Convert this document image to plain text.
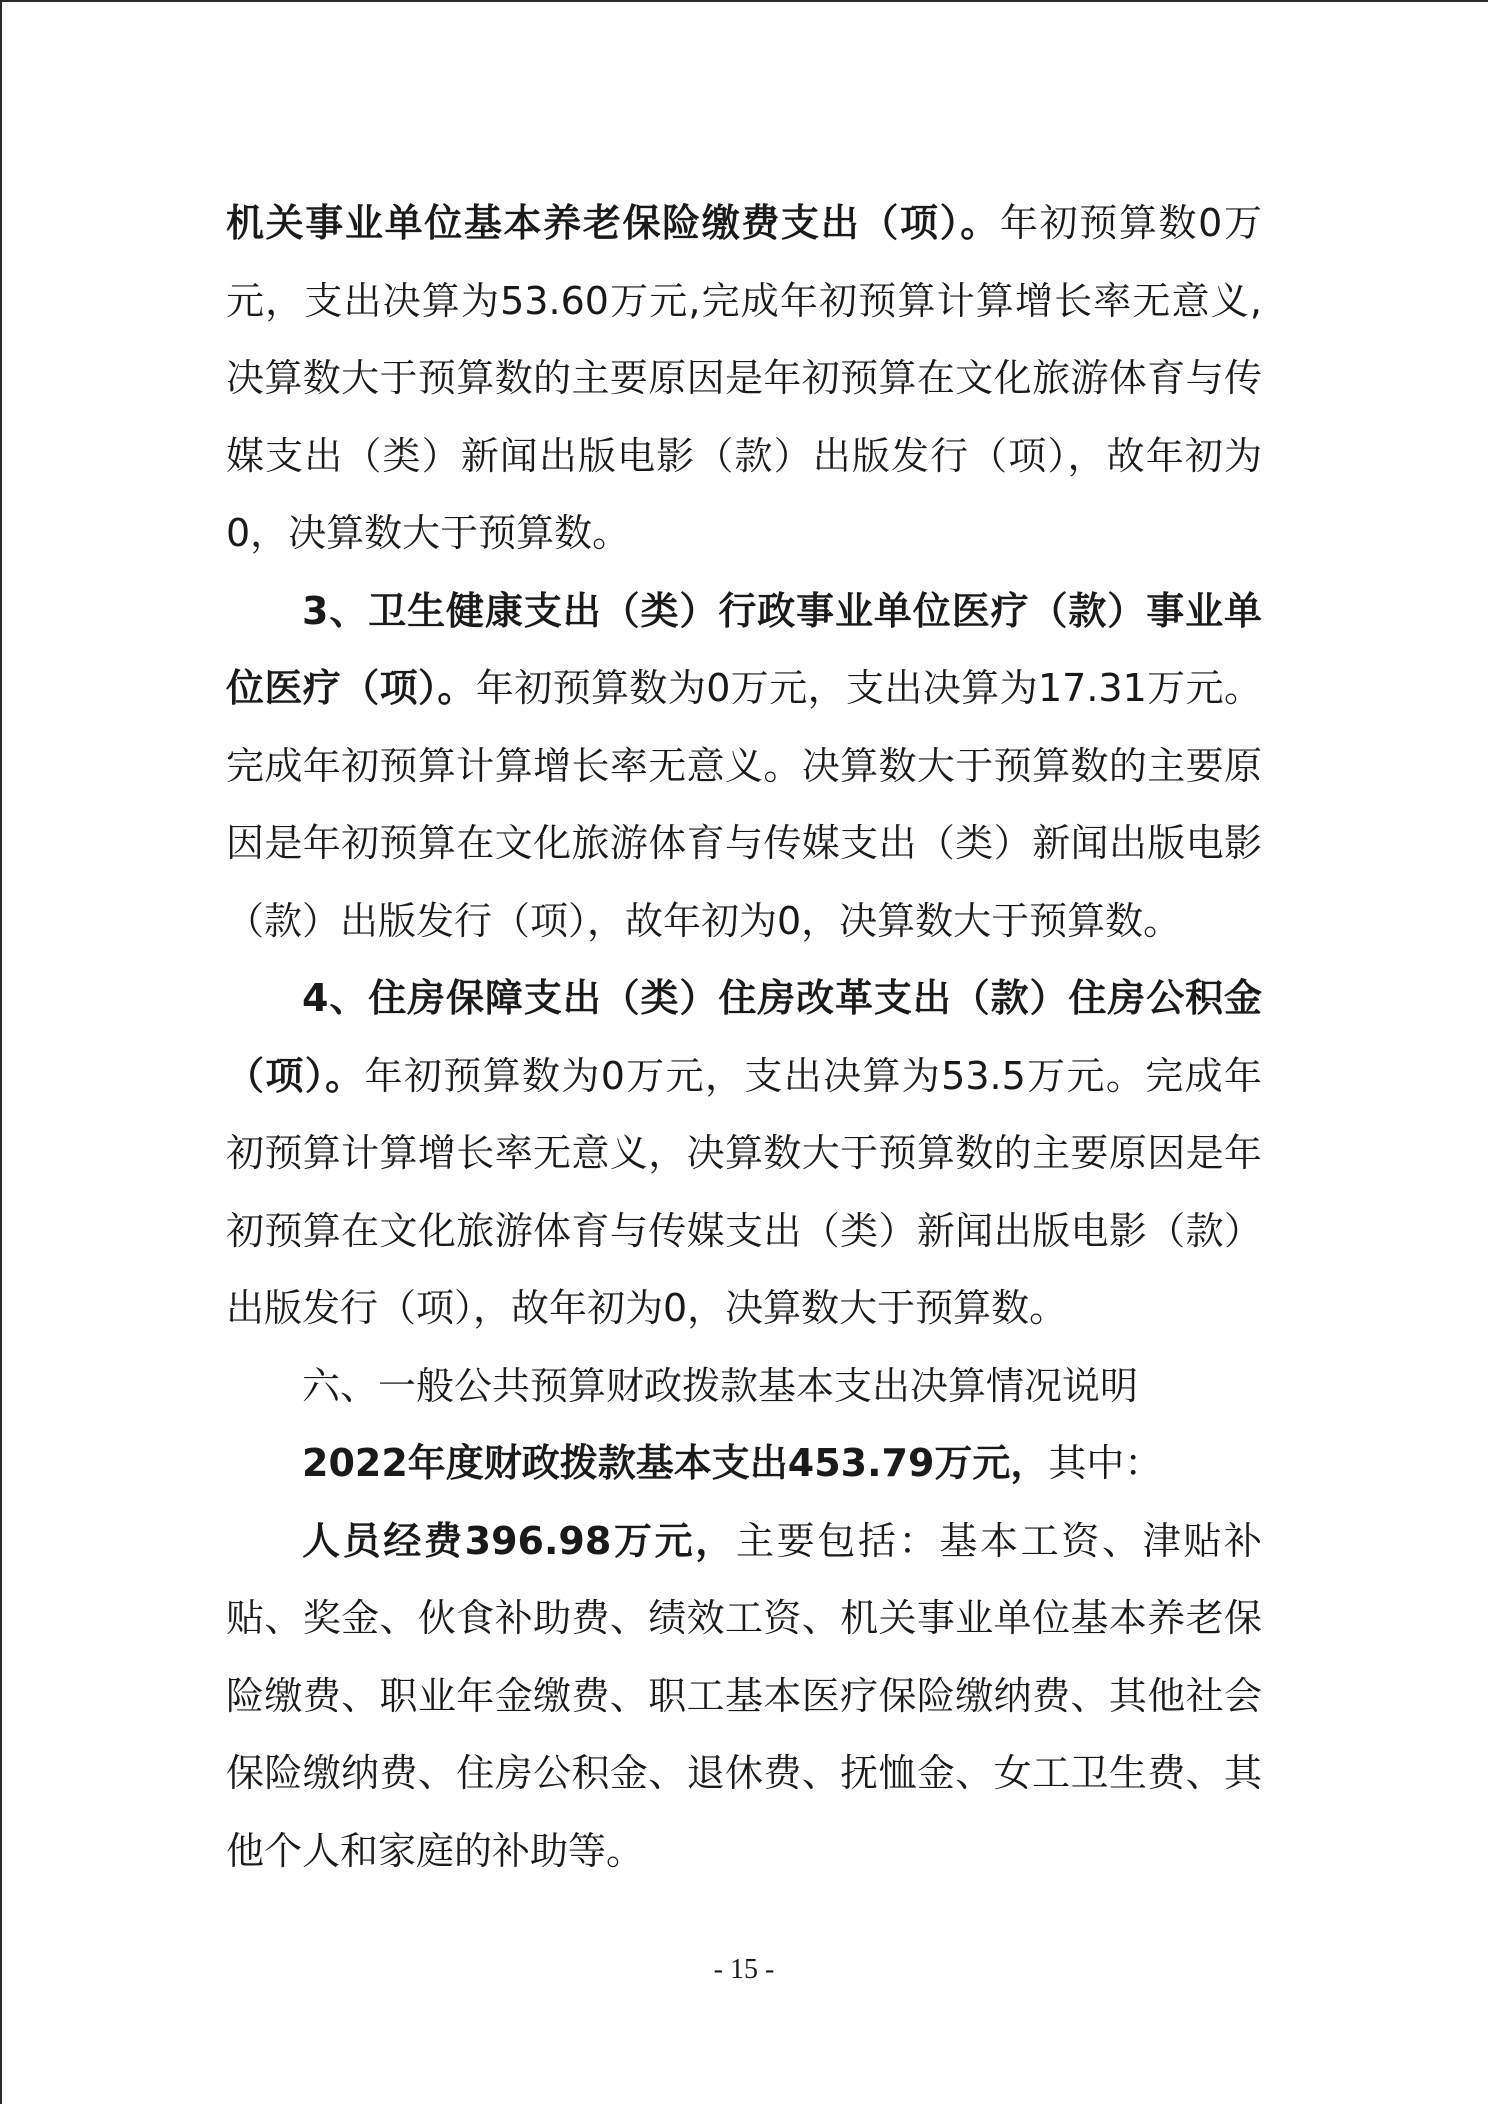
机关事业单位基本养老保险缴费支出（项）。年初预算数0万元，支出决算为53.60万元,完成年初预算计算增长率无意义,决算数大于预算数的主要原因是年初预算在文化旅游体育与传媒支出（类）新闻出版电影（款）出版发行（项），故年初为0，决算数大于预算数。

3、卫生健康支出（类）行政事业单位医疗（款）事业单位医疗（项）。年初预算数为0万元，支出决算为17.31万元。完成年初预算计算增长率无意义。决算数大于预算数的主要原因是年初预算在文化旅游体育与传媒支出（类）新闻出版电影（款）出版发行（项），故年初为0，决算数大于预算数。

4、住房保障支出（类）住房改革支出（款）住房公积金（项）。年初预算数为0万元，支出决算为53.5万元。完成年初预算计算增长率无意义，决算数大于预算数的主要原因是年初预算在文化旅游体育与传媒支出（类）新闻出版电影（款）出版发行（项），故年初为0，决算数大于预算数。

六、一般公共预算财政拨款基本支出决算情况说明

2022年度财政拨款基本支出453.79万元，其中：

人员经费396.98万元，主要包括：基本工资、津贴补贴、奖金、伙食补助费、绩效工资、机关事业单位基本养老保险缴费、职业年金缴费、职工基本医疗保险缴纳费、其他社会保险缴纳费、住房公积金、退休费、抚恤金、女工卫生费、其他个人和家庭的补助等。

- 15 -
